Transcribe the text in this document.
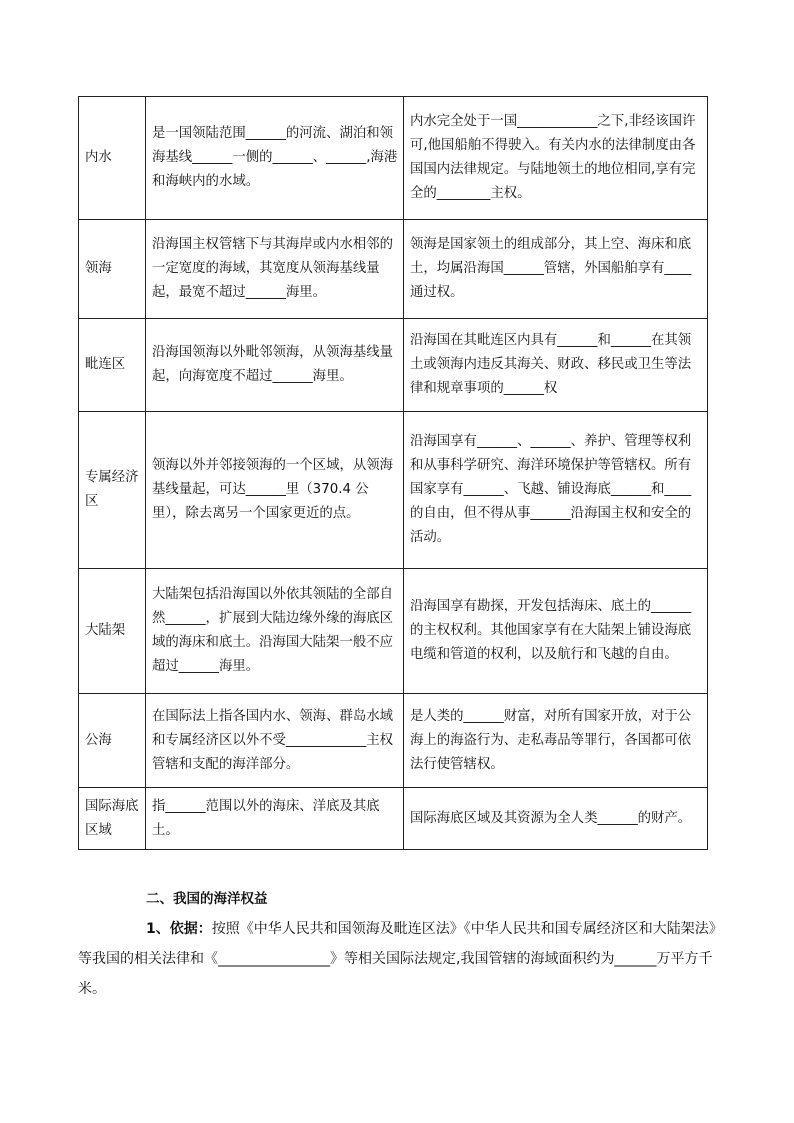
内水	是一国领陆范围______的河流、湖泊和领海基线______一侧的______、______,海港和海峡内的水域。	内水完全处于一国____________之下,非经该国许可,他国船舶不得驶入。有关内水的法律制度由各国国内法律规定。与陆地领土的地位相同,享有完全的________主权。
领海	沿海国主权管辖下与其海岸或内水相邻的一定宽度的海域，其宽度从领海基线量起，最宽不超过______海里。	领海是国家领土的组成部分，其上空、海床和底土，均属沿海国______管辖，外国船舶享有____通过权。
毗连区	沿海国领海以外毗邻领海，从领海基线量起，向海宽度不超过______海里。	沿海国在其毗连区内具有______和______在其领土或领海内违反其海关、财政、移民或卫生等法律和规章事项的______权
专属经济区	领海以外并邻接领海的一个区域，从领海基线量起，可达______里（370.4 公里），除去离另一个国家更近的点。	沿海国享有______、______、养护、管理等权利和从事科学研究、海洋环境保护等管辖权。所有国家享有______、飞越、铺设海底______和____的自由，但不得从事______沿海国主权和安全的活动。
大陆架	大陆架包括沿海国以外依其领陆的全部自然______，扩展到大陆边缘外缘的海底区域的海床和底土。沿海国大陆架一般不应超过______海里。	沿海国享有勘探，开发包括海床、底土的______的主权权利。其他国家享有在大陆架上铺设海底电缆和管道的权利，以及航行和飞越的自由。
公海	在国际法上指各国内水、领海、群岛水域和专属经济区以外不受____________主权管辖和支配的海洋部分。	是人类的______财富，对所有国家开放，对于公海上的海盗行为、走私毒品等罪行，各国都可依法行使管辖权。
国际海底区域	指______范围以外的海床、洋底及其底土。	国际海底区域及其资源为全人类______的财产。
二、我国的海洋权益
1、依据：按照《中华人民共和国领海及毗连区法》《中华人民共和国专属经济区和大陆架法》等我国的相关法律和《________________》等相关国际法规定,我国管辖的海域面积约为______万平方千米。
